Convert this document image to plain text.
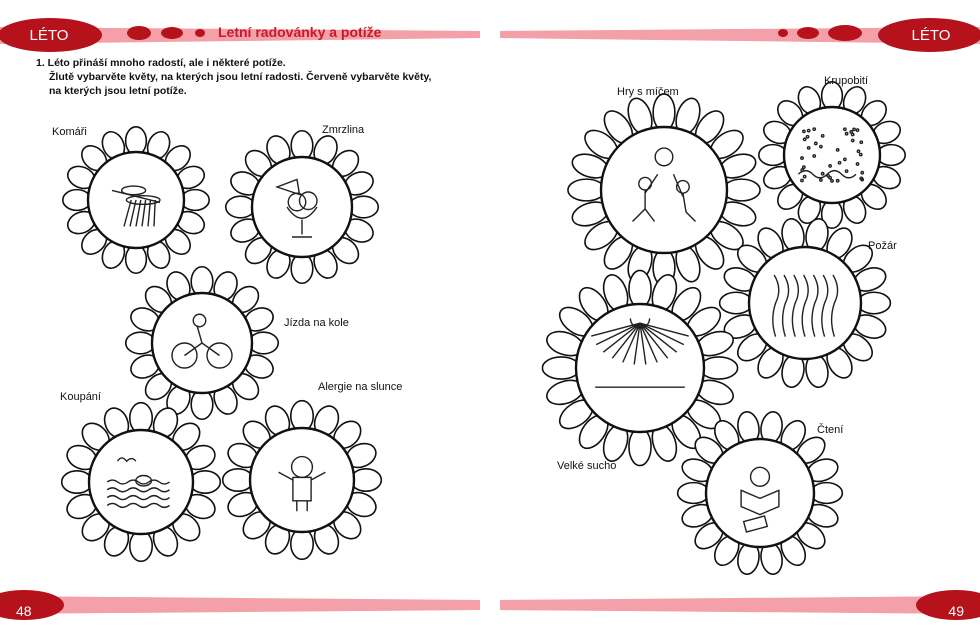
LÉTO	Letní radovánky a potíže	LÉTO
1. Léto přináší mnoho radostí, ale i některé potíže.
Žlutě vybarvěte květy, na kterých jsou letní radosti. Červeně vybarvěte květy,
na kterých jsou letní potíže.
Komáři	Zmrzlina
Jízda na kole
Koupání
Alergie na slunce
Hry s míčem
Krupobití
Požár
Velké sucho
Čtení
48	49
